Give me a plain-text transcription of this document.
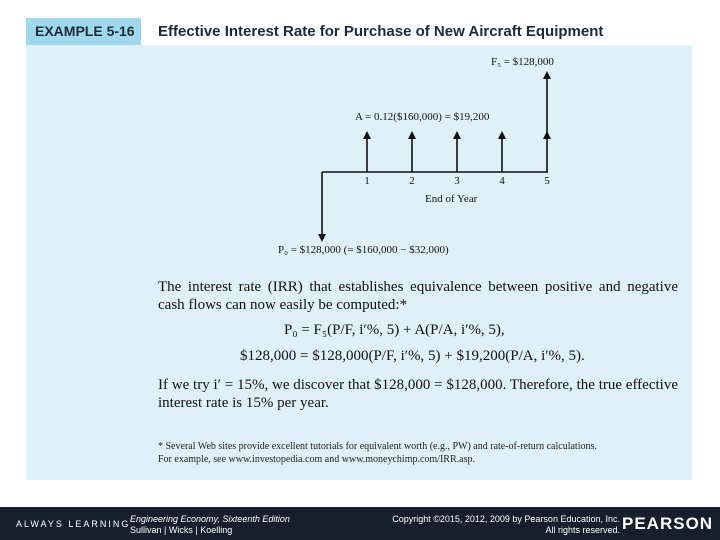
EXAMPLE 5-16	Effective Interest Rate for Purchase of New Aircraft Equipment
F₅ = $128,000
A = 0.12($160,000) = $19,200
1	2	3	4	5
End of Year
P₀ = $128,000 (= $160,000 − $32,000)

The interest rate (IRR) that establishes equivalence between positive and negative cash flows can now easily be computed:*

P₀ = F₅(P/F, i′%, 5) + A(P/A, i′%, 5),
$128,000 = $128,000(P/F, i′%, 5) + $19,200(P/A, i′%, 5).
If we try i′ = 15%, we discover that $128,000 = $128,000. Therefore, the true effective interest rate is 15% per year.
* Several Web sites provide excellent tutorials for equivalent worth (e.g., PW) and rate-of-return calculations.
For example, see www.investopedia.com and www.moneychimp.com/IRR.asp.
ALWAYS LEARNING Engineering Economy, Sixteenth Edition
Sullivan | Wicks | Koelling
Copyright ©2015, 2012, 2009 by Pearson Education, Inc.
All rights reserved. PEARSON
